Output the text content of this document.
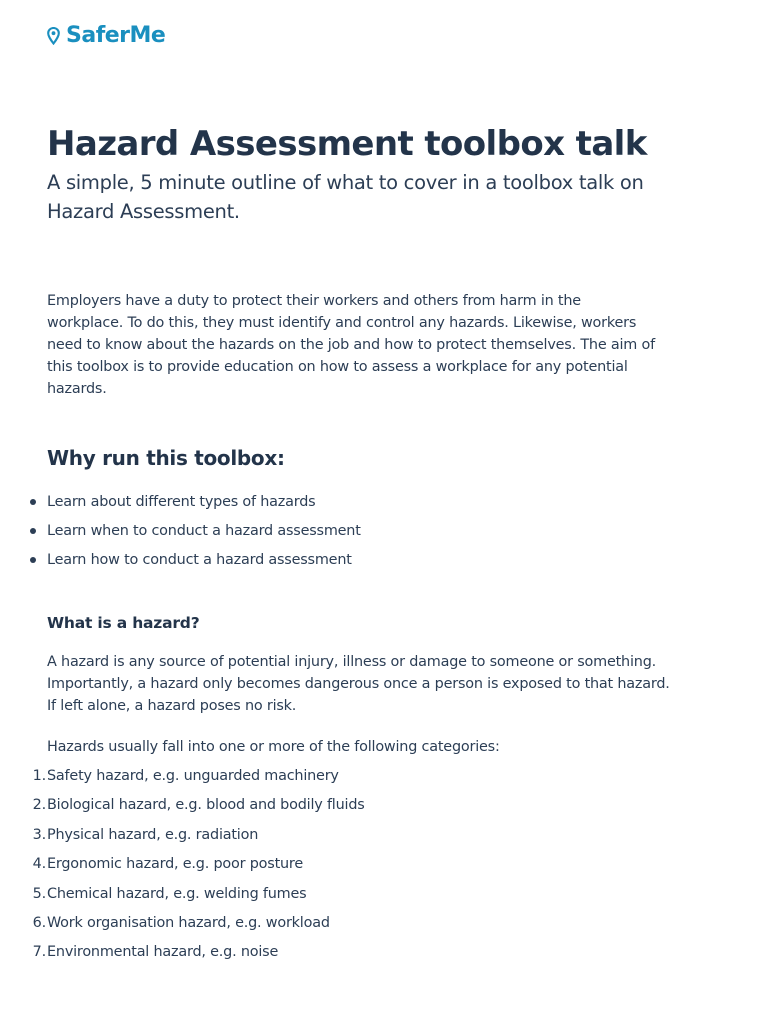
SaferMe
Hazard Assessment toolbox talk

A simple, 5 minute outline of what to cover in a toolbox talk on Hazard Assessment.

Employers have a duty to protect their workers and others from harm in the workplace. To do this, they must identify and control any hazards. Likewise, workers need to know about the hazards on the job and how to protect themselves. The aim of this toolbox is to provide education on how to assess a workplace for any potential hazards.

Why run this toolbox:
Learn about different types of hazards
Learn when to conduct a hazard assessment
Learn how to conduct a hazard assessment
What is a hazard?

A hazard is any source of potential injury, illness or damage to someone or something. Importantly, a hazard only becomes dangerous once a person is exposed to that hazard. If left alone, a hazard poses no risk.

Hazards usually fall into one or more of the following categories:

1. Safety hazard, e.g. unguarded machinery
2. Biological hazard, e.g. blood and bodily fluids
3. Physical hazard, e.g. radiation
4. Ergonomic hazard, e.g. poor posture
5. Chemical hazard, e.g. welding fumes
6. Work organisation hazard, e.g. workload
7. Environmental hazard, e.g. noise
